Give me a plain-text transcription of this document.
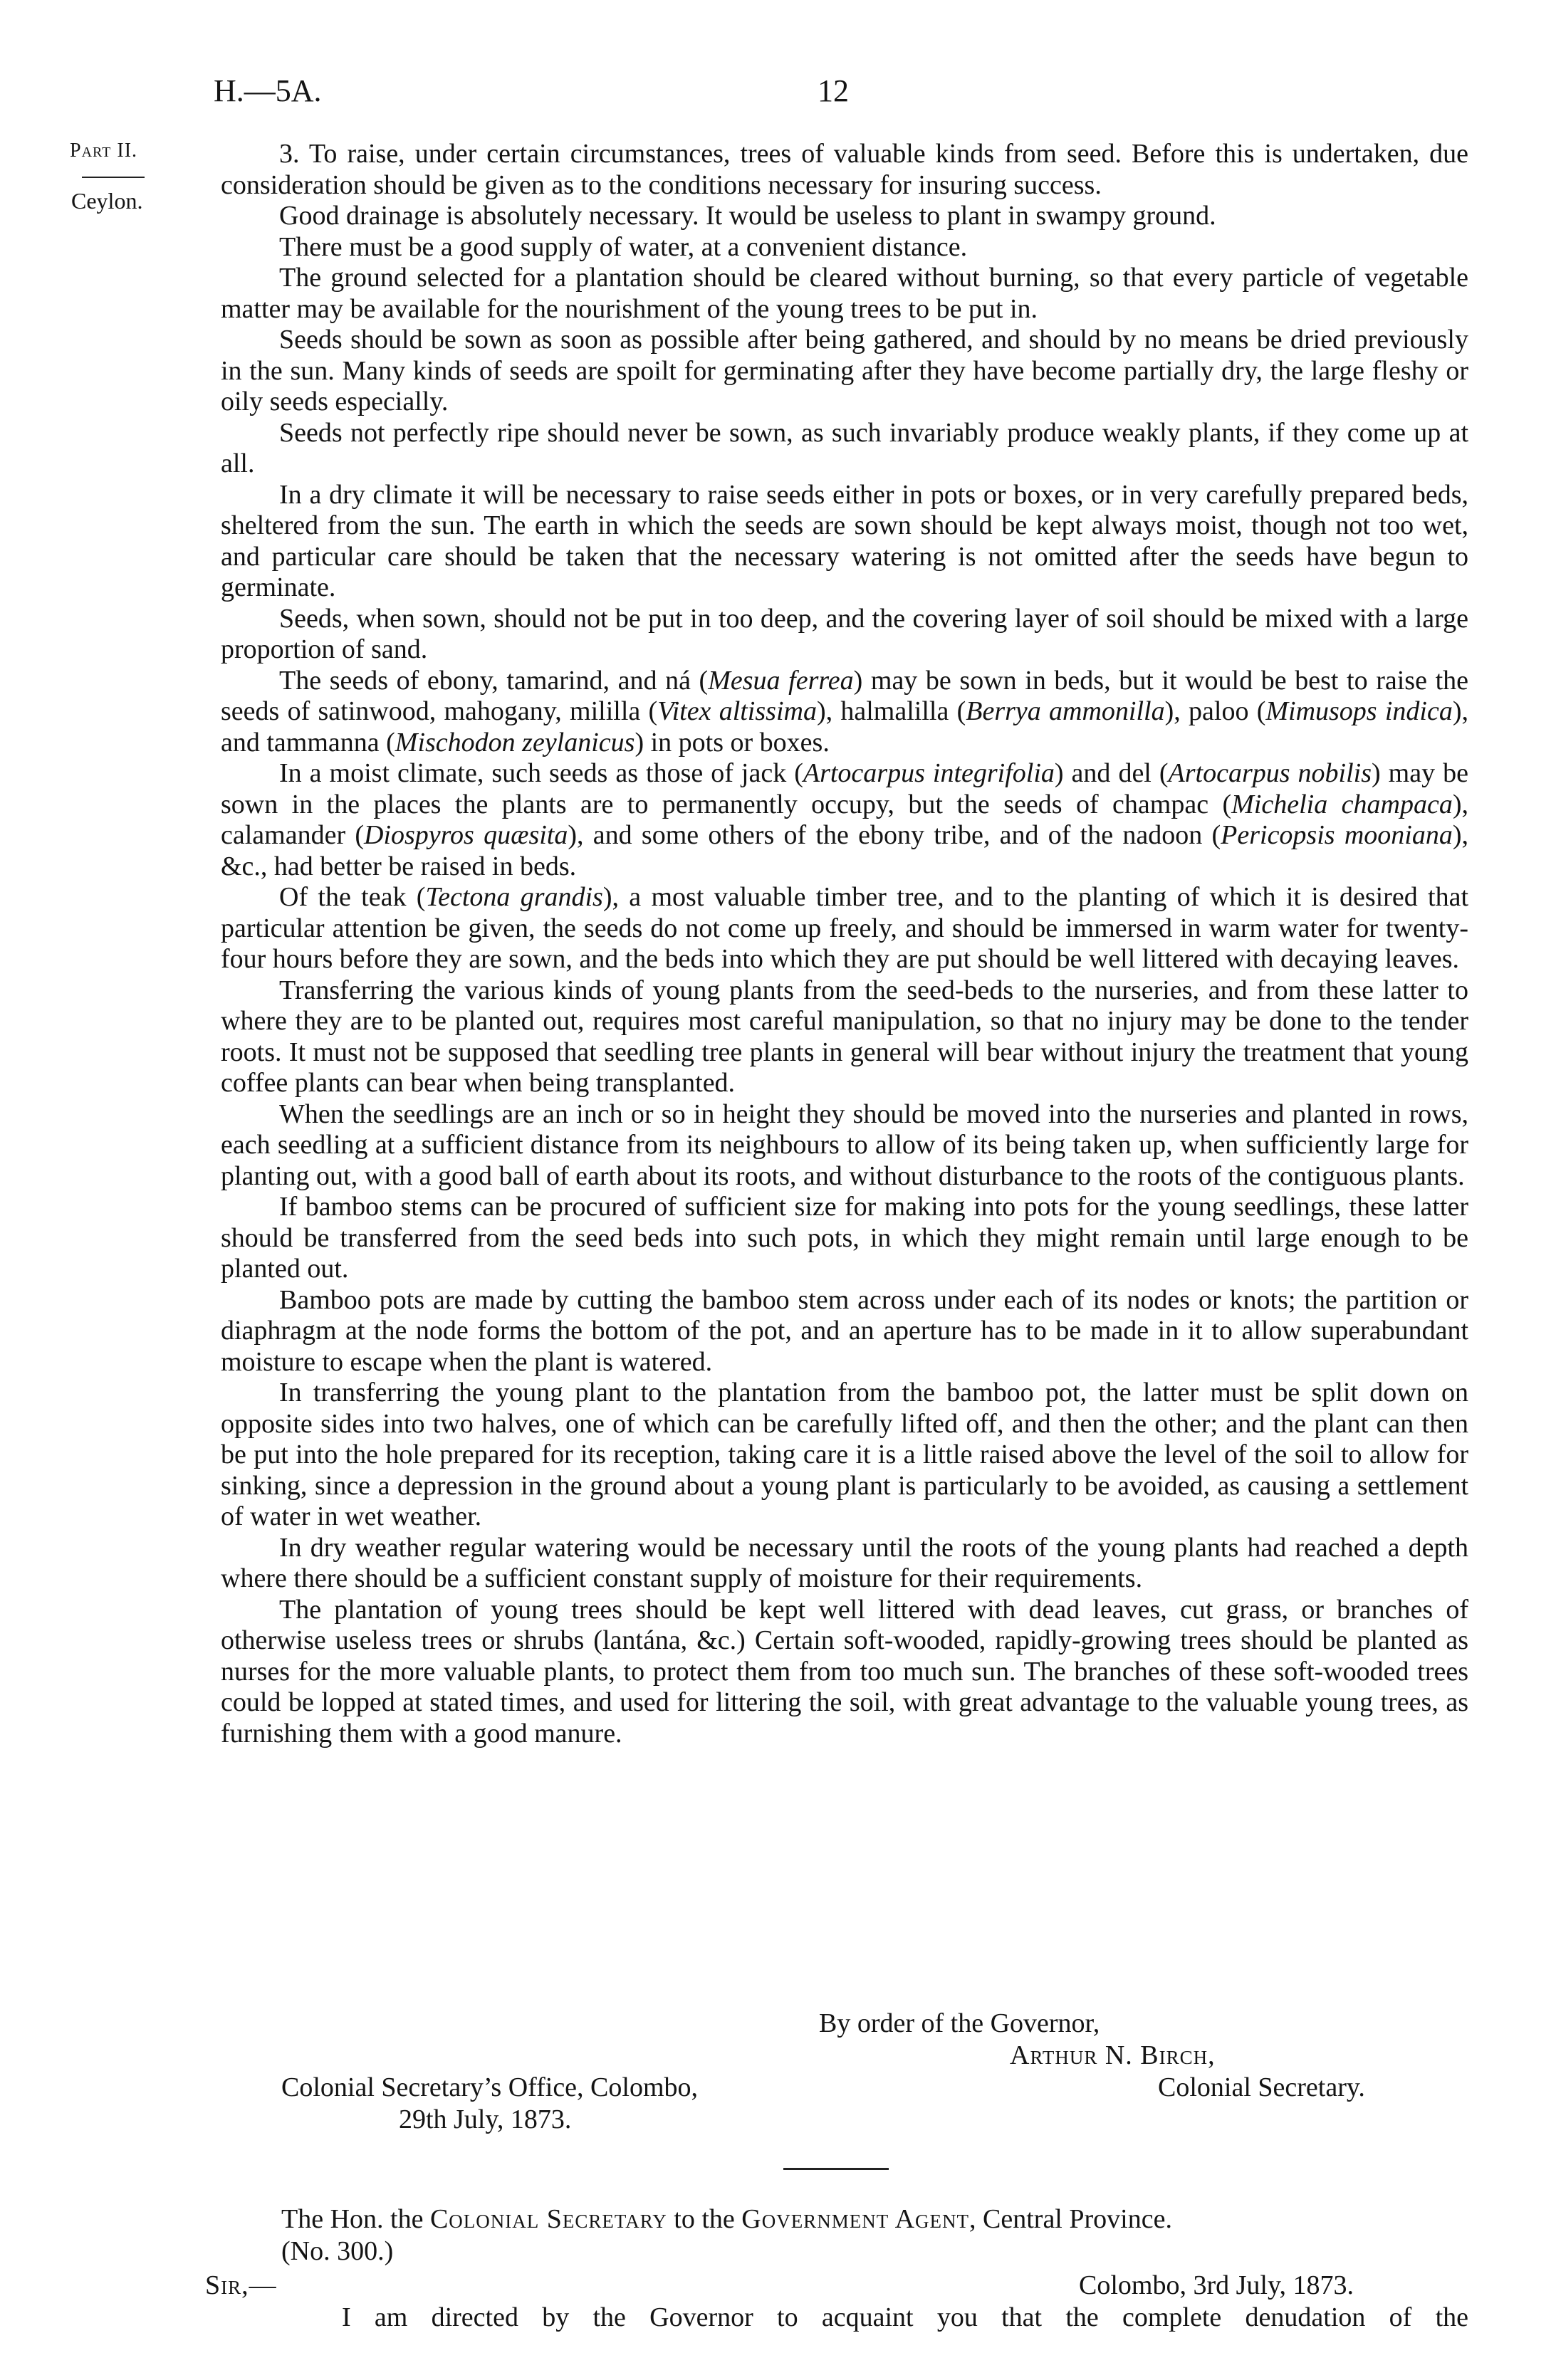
H.—5A.	12
Part II.
Ceylon.

3. To raise, under certain circumstances, trees of valuable kinds from seed. Before this is undertaken, due consideration should be given as to the conditions necessary for insuring success.

Good drainage is absolutely necessary. It would be useless to plant in swampy ground.

There must be a good supply of water, at a convenient distance.

The ground selected for a plantation should be cleared without burning, so that every particle of vegetable matter may be available for the nourishment of the young trees to be put in.

Seeds should be sown as soon as possible after being gathered, and should by no means be dried previously in the sun. Many kinds of seeds are spoilt for germinating after they have become partially dry, the large fleshy or oily seeds especially.

Seeds not perfectly ripe should never be sown, as such invariably produce weakly plants, if they come up at all.

In a dry climate it will be necessary to raise seeds either in pots or boxes, or in very carefully prepared beds, sheltered from the sun. The earth in which the seeds are sown should be kept always moist, though not too wet, and particular care should be taken that the necessary watering is not omitted after the seeds have begun to germinate.

Seeds, when sown, should not be put in too deep, and the covering layer of soil should be mixed with a large proportion of sand.

The seeds of ebony, tamarind, and ná (Mesua ferrea) may be sown in beds, but it would be best to raise the seeds of satinwood, mahogany, mililla (Vitex altissima), halmalilla (Berrya ammonilla), paloo (Mimusops indica), and tammanna (Mischodon zeylanicus) in pots or boxes.

In a moist climate, such seeds as those of jack (Artocarpus integrifolia) and del (Artocarpus nobilis) may be sown in the places the plants are to permanently occupy, but the seeds of champac (Michelia champaca), calamander (Diospyros quæsita), and some others of the ebony tribe, and of the nadoon (Pericopsis mooniana), &c., had better be raised in beds.

Of the teak (Tectona grandis), a most valuable timber tree, and to the planting of which it is desired that particular attention be given, the seeds do not come up freely, and should be immersed in warm water for twenty-four hours before they are sown, and the beds into which they are put should be well littered with decaying leaves.

Transferring the various kinds of young plants from the seed-beds to the nurseries, and from these latter to where they are to be planted out, requires most careful manipulation, so that no injury may be done to the tender roots. It must not be supposed that seedling tree plants in general will bear without injury the treatment that young coffee plants can bear when being transplanted.

When the seedlings are an inch or so in height they should be moved into the nurseries and planted in rows, each seedling at a sufficient distance from its neighbours to allow of its being taken up, when sufficiently large for planting out, with a good ball of earth about its roots, and without disturbance to the roots of the contiguous plants.

If bamboo stems can be procured of sufficient size for making into pots for the young seedlings, these latter should be transferred from the seed beds into such pots, in which they might remain until large enough to be planted out.

Bamboo pots are made by cutting the bamboo stem across under each of its nodes or knots; the partition or diaphragm at the node forms the bottom of the pot, and an aperture has to be made in it to allow superabundant moisture to escape when the plant is watered.

In transferring the young plant to the plantation from the bamboo pot, the latter must be split down on opposite sides into two halves, one of which can be carefully lifted off, and then the other; and the plant can then be put into the hole prepared for its reception, taking care it is a little raised above the level of the soil to allow for sinking, since a depression in the ground about a young plant is particularly to be avoided, as causing a settlement of water in wet weather.

In dry weather regular watering would be necessary until the roots of the young plants had reached a depth where there should be a sufficient constant supply of moisture for their requirements.

The plantation of young trees should be kept well littered with dead leaves, cut grass, or branches of otherwise useless trees or shrubs (lantána, &c.) Certain soft-wooded, rapidly-growing trees should be planted as nurses for the more valuable plants, to protect them from too much sun. The branches of these soft-wooded trees could be lopped at stated times, and used for littering the soil, with great advantage to the valuable young trees, as furnishing them with a good manure.

By order of the Governor,
Arthur N. Birch,
Colonial Secretary.
Colonial Secretary’s Office, Colombo,
29th July, 1873.
The Hon. the Colonial Secretary to the Government Agent, Central Province.
(No. 300.)
Sir,—	Colombo, 3rd July, 1873.
I am directed by the Governor to acquaint you that the complete denudation of the
